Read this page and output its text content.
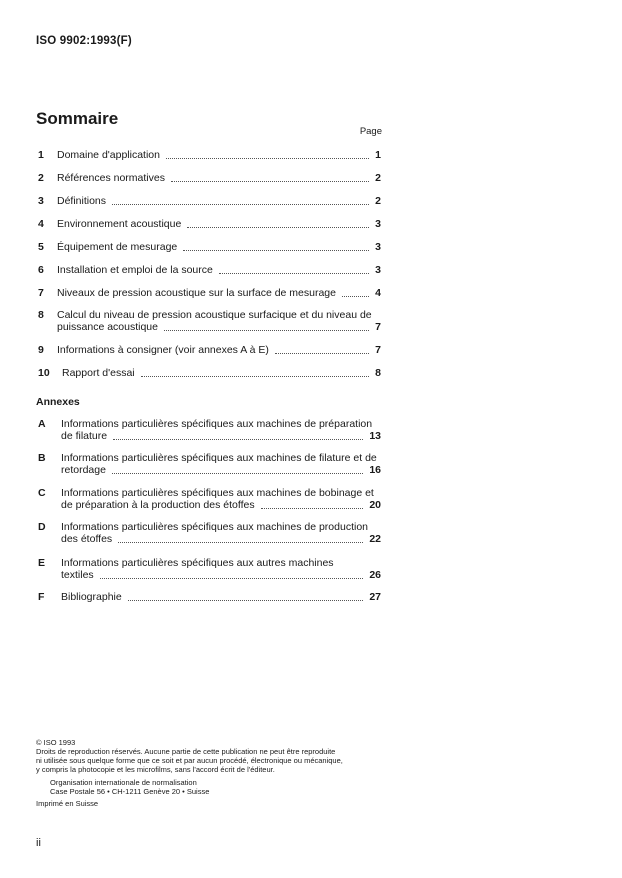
ISO 9902:1993(F)
Sommaire
Page
1 Domaine d'application	1
2 Références normatives	2
3 Définitions	2
4 Environnement acoustique	3
5 Équipement de mesurage	3
6 Installation et emploi de la source	3
7 Niveaux de pression acoustique sur la surface de mesurage	4
8 Calcul du niveau de pression acoustique surfacique et du niveau de
puissance acoustique	7
9 Informations à consigner (voir annexes A à E)	7
10 Rapport d'essai	8
Annexes
A Informations particulières spécifiques aux machines de préparation
de filature	13
B Informations particulières spécifiques aux machines de filature et de
retordage	16
C Informations particulières spécifiques aux machines de bobinage et
de préparation à la production des étoffes	20
D Informations particulières spécifiques aux machines de production
des étoffes	22
E Informations particulières spécifiques aux autres machines
textiles	26
F Bibliographie	27
© ISO 1993
Droits de reproduction réservés. Aucune partie de cette publication ne peut être reproduite
ni utilisée sous quelque forme que ce soit et par aucun procédé, électronique ou mécanique,
y compris la photocopie et les microfilms, sans l'accord écrit de l'éditeur.
Organisation internationale de normalisation
Case Postale 56 • CH-1211 Genève 20 • Suisse
Imprimé en Suisse
ii
